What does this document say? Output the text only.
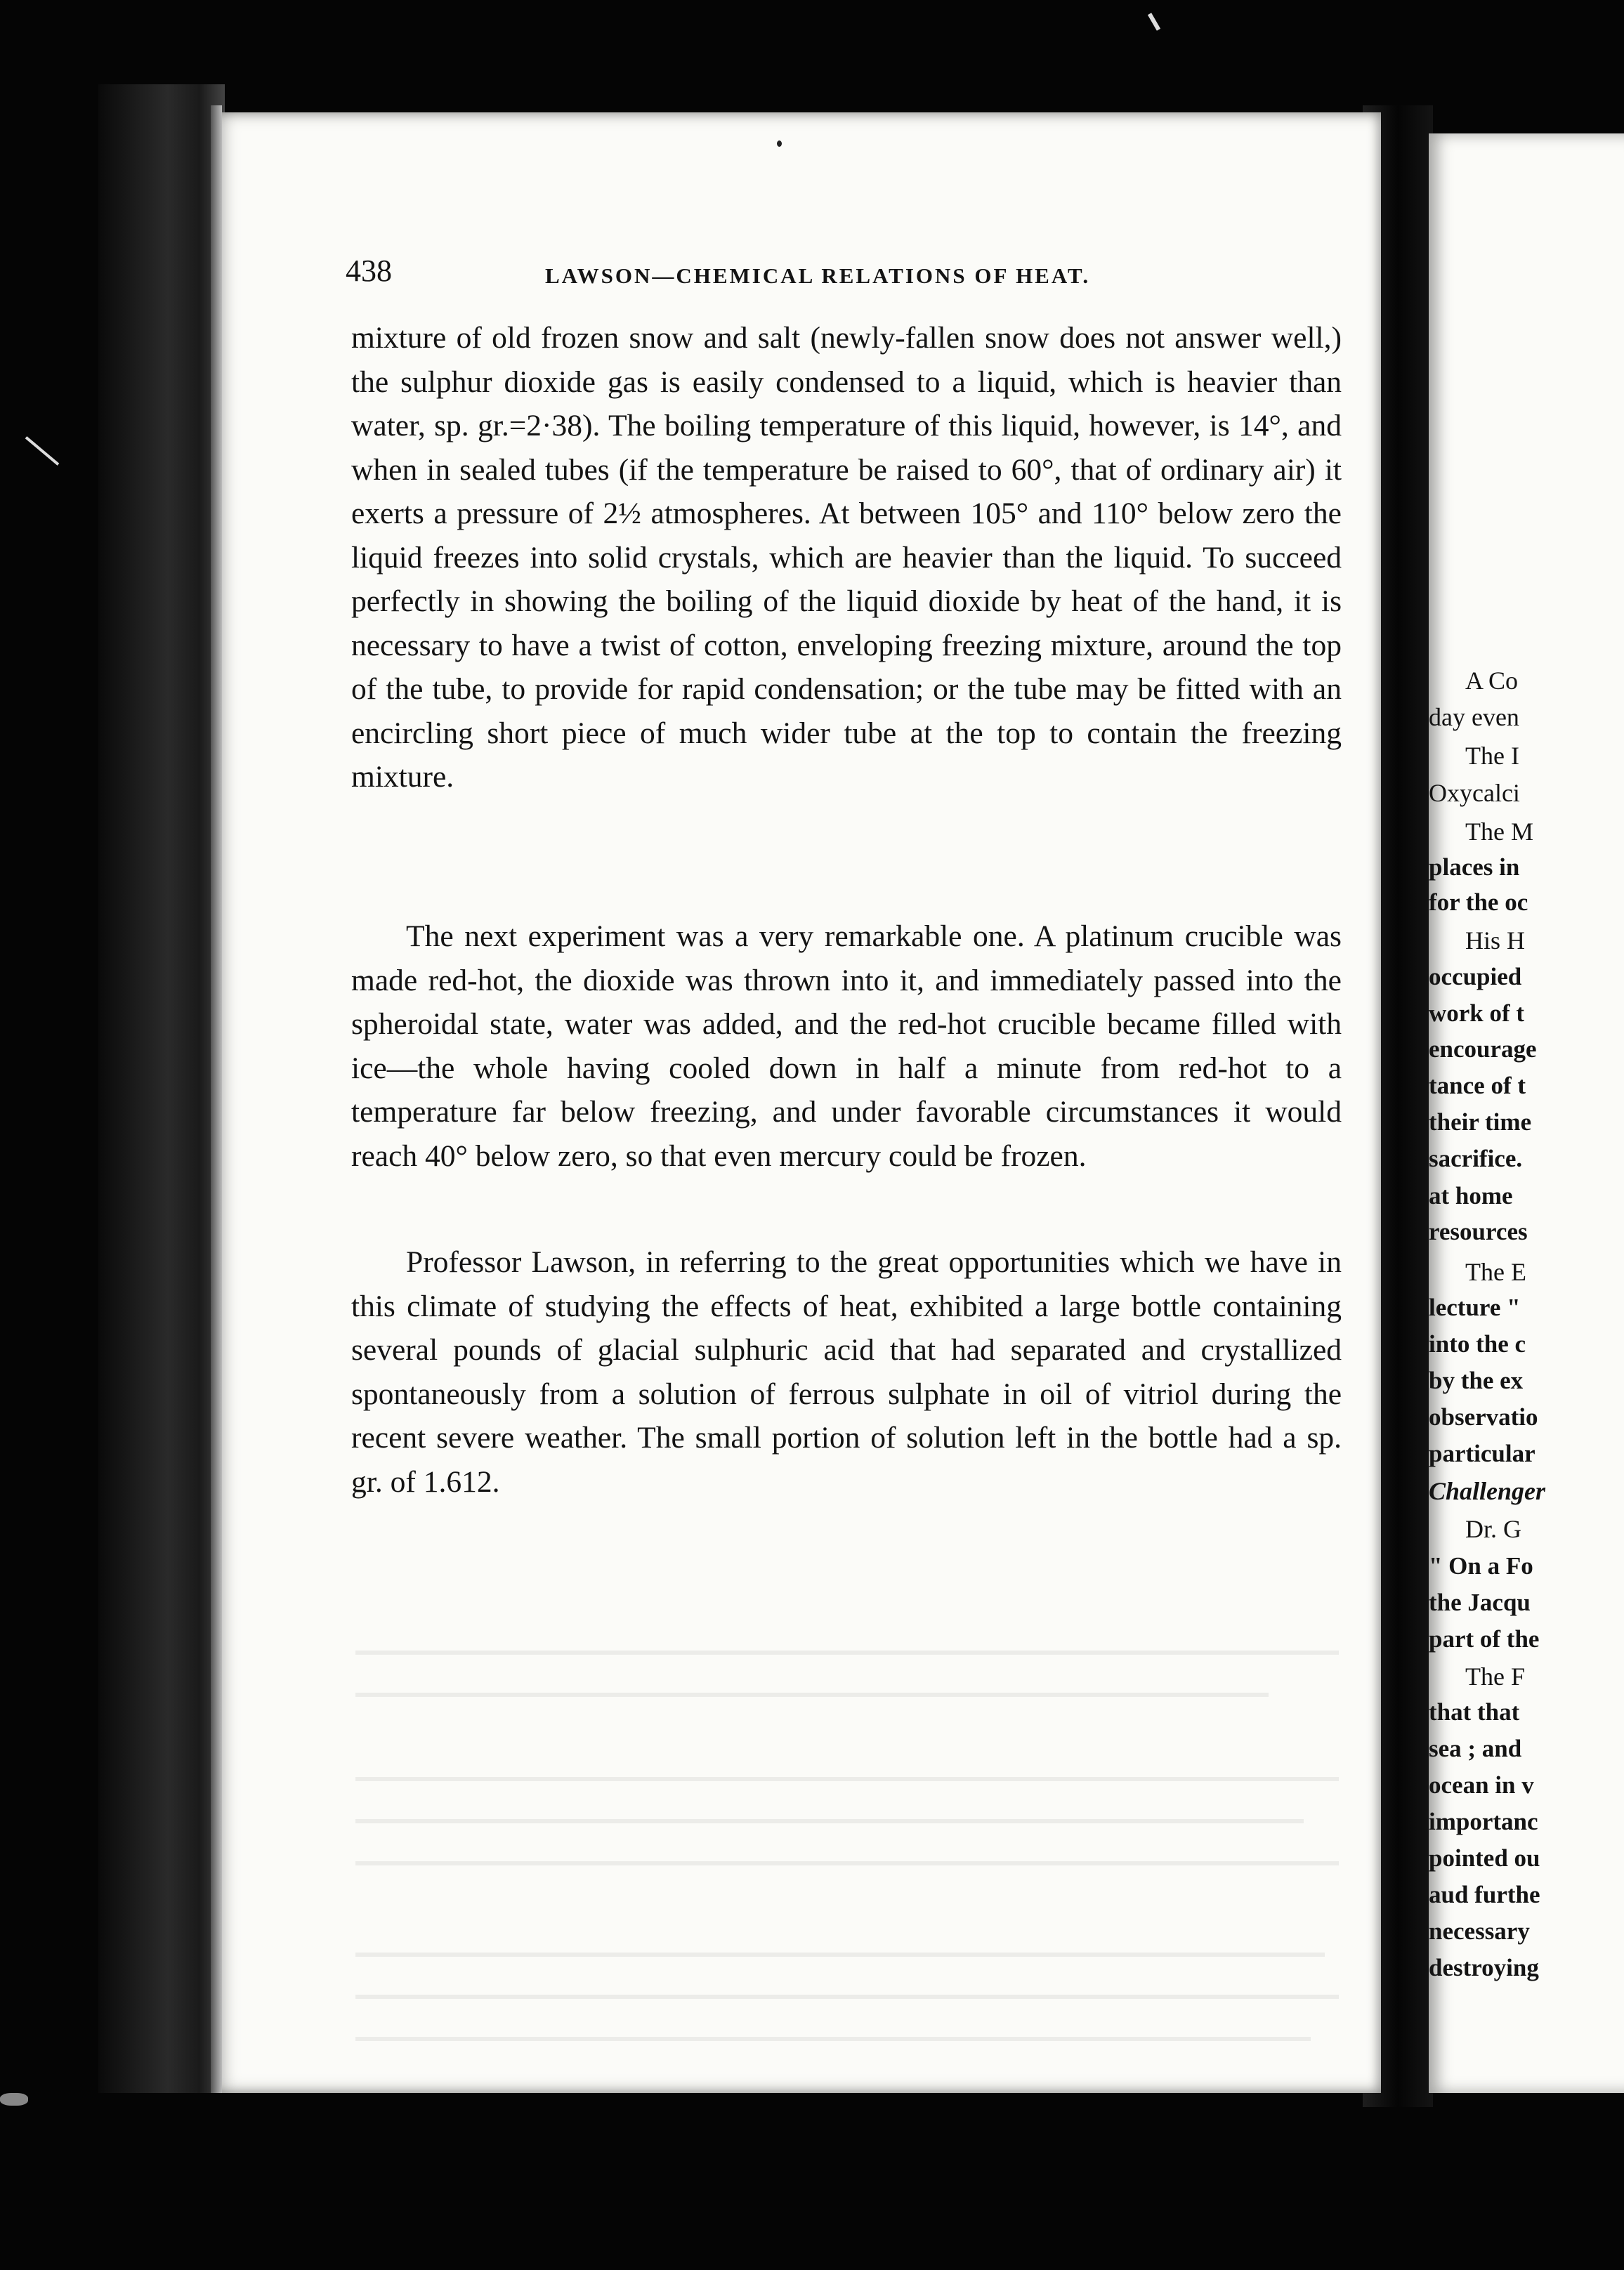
438	LAWSON—CHEMICAL RELATIONS OF HEAT.

mixture of old frozen snow and salt (newly-fallen snow does not answer well,) the sulphur dioxide gas is easily condensed to a liquid, which is heavier than water, sp. gr.=2·38). The boiling temperature of this liquid, however, is 14°, and when in sealed tubes (if the temperature be raised to 60°, that of ordinary air) it exerts a pressure of 2½ atmospheres. At between 105° and 110° below zero the liquid freezes into solid crystals, which are heavier than the liquid. To succeed perfectly in showing the boiling of the liquid dioxide by heat of the hand, it is necessary to have a twist of cotton, enveloping freezing mixture, around the top of the tube, to provide for rapid condensation; or the tube may be fitted with an encircling short piece of much wider tube at the top to contain the freezing mixture.

The next experiment was a very remarkable one. A platinum crucible was made red-hot, the dioxide was thrown into it, and immediately passed into the spheroidal state, water was added, and the red-hot crucible became filled with ice—the whole having cooled down in half a minute from red-hot to a temperature far below freezing, and under favorable circumstances it would reach 40° below zero, so that even mercury could be frozen.

Professor Lawson, in referring to the great opportunities which we have in this climate of studying the effects of heat, exhibited a large bottle containing several pounds of glacial sulphuric acid that had separated and crystallized spontaneously from a solution of ferrous sulphate in oil of vitriol during the recent severe weather. The small portion of solution left in the bottle had a sp. gr. of 1.612.

A Co
day even
The I
Oxycalci
The M
places in
for the oc
His H
occupied
work of t
encourage
tance of t
their time
sacrifice.
at home
resources
The E
lecture "
into the c
by the ex
observatio
particular
Challenger
Dr. G
" On a Fo
the Jacqu
part of the
The F
that that
sea ; and
ocean in v
importanc
pointed ou
aud furthe
necessary
destroying
